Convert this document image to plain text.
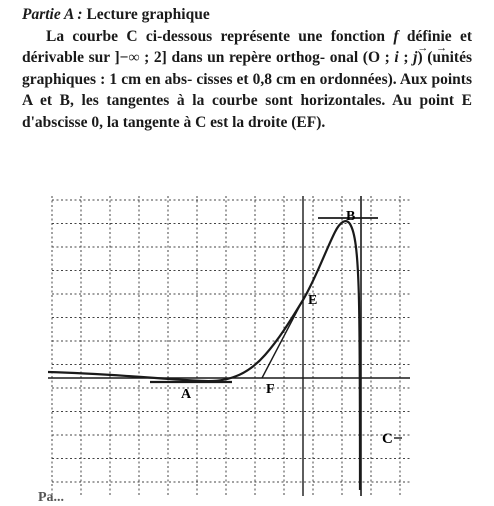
Partie A : Lecture graphique

La courbe C ci-dessous représente une fonction f définie et dérivable sur ]−∞ ; 2] dans un repère orthog- onal (O ; → i ; → j) (unités graphiques : 1 cm en abs- cisses et 0,8 cm en ordonnées). Aux points A et B, les tangentes à la courbe sont horizontales. Au point E d'abscisse 0, la tangente à C est la droite (EF).

A
B
E
F
C
Pa...
